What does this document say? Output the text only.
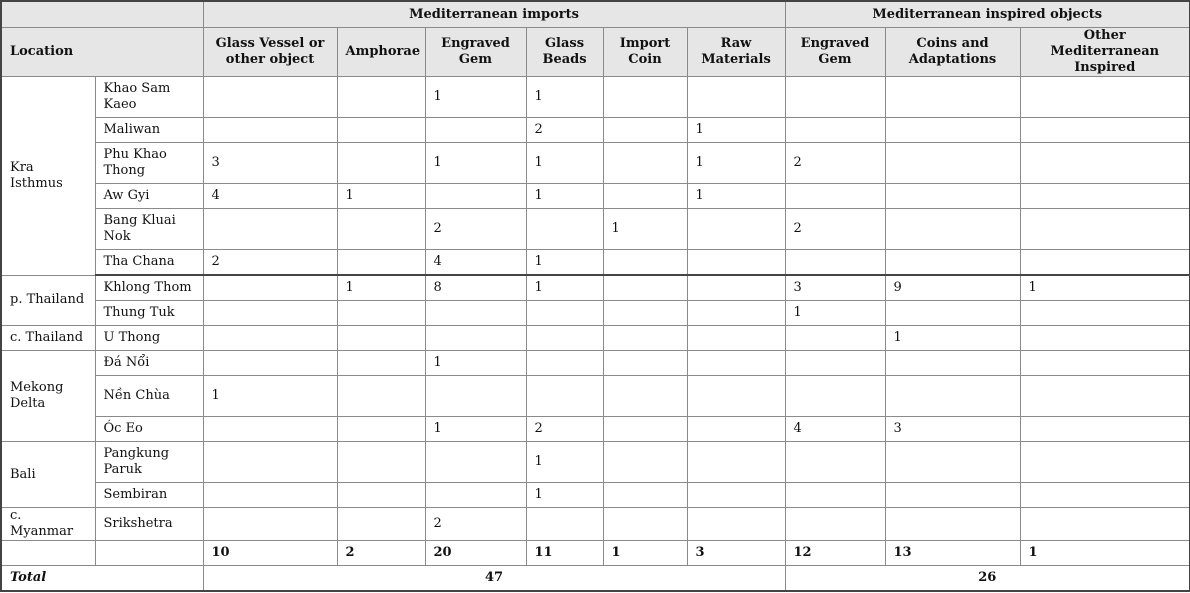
		Mediterranean imports						Mediterranean inspired objects		
Location		Glass Vessel or other object	Amphorae	Engraved Gem	Glass Beads	Import Coin	Raw Materials	Engraved Gem	Coins and Adaptations	Other Mediterranean Inspired
Kra Isthmus	Khao Sam Kaeo			1	1					
	Maliwan				2		1			
	Phu Khao Thong	3		1	1		1	2		
	Aw Gyi	4	1		1		1			
	Bang Kluai Nok			2		1		2		
	Tha Chana	2		4	1					
p. Thailand	Khlong Thom		1	8	1			3	9	1
	Thung Tuk							1		
c. Thailand	U Thong								1	
Mekong Delta	Đá Nổi			1						
	Nền Chùa	1								
	Óc Eo			1	2			4	3	
Bali	Pangkung Paruk				1					
	Sembiran				1					
c. Myanmar	Srikshetra			2						
		10	2	20	11	1	3	12	13	1
Total		47						26		
